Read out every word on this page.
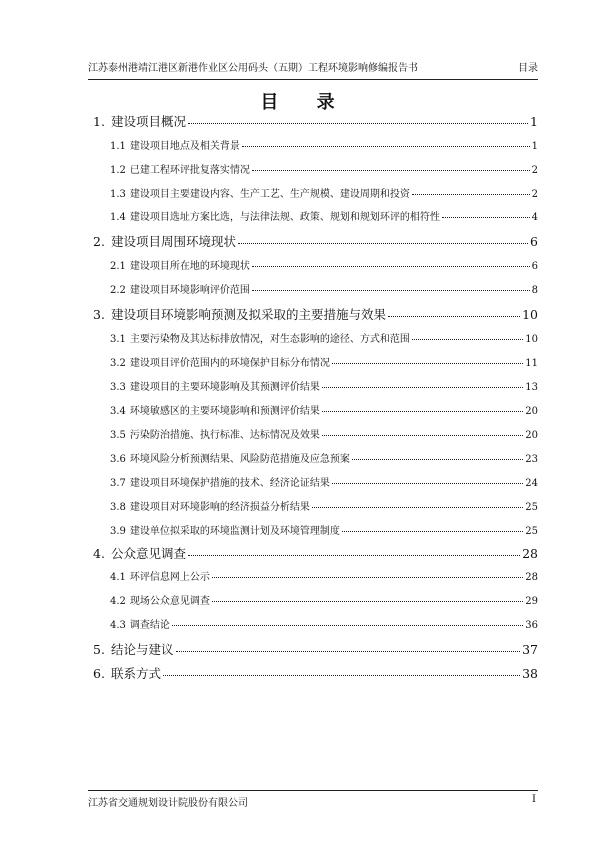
江苏泰州港靖江港区新港作业区公用码头（五期）工程环境影响修编报告书	目录
目 录
1. 建设项目概况	1
1.1 建设项目地点及相关背景	1
1.2 已建工程环评批复落实情况	2
1.3 建设项目主要建设内容、生产工艺、生产规模、建设周期和投资	2
1.4 建设项目选址方案比选，与法律法规、政策、规划和规划环评的相符性	4
2. 建设项目周围环境现状	6
2.1 建设项目所在地的环境现状	6
2.2 建设项目环境影响评价范围	8
3. 建设项目环境影响预测及拟采取的主要措施与效果	10
3.1 主要污染物及其达标排放情况，对生态影响的途径、方式和范围	10
3.2 建设项目评价范围内的环境保护目标分布情况	11
3.3 建设项目的主要环境影响及其预测评价结果	13
3.4 环境敏感区的主要环境影响和预测评价结果	20
3.5 污染防治措施、执行标准、达标情况及效果	20
3.6 环境风险分析预测结果、风险防范措施及应急预案	23
3.7 建设项目环境保护措施的技术、经济论证结果	24
3.8 建设项目对环境影响的经济损益分析结果	25
3.9 建设单位拟采取的环境监测计划及环境管理制度	25
4. 公众意见调查	28
4.1 环评信息网上公示	28
4.2 现场公众意见调查	29
4.3 调查结论	36
5. 结论与建议	37
6. 联系方式	38
江苏省交通规划设计院股份有限公司	I
